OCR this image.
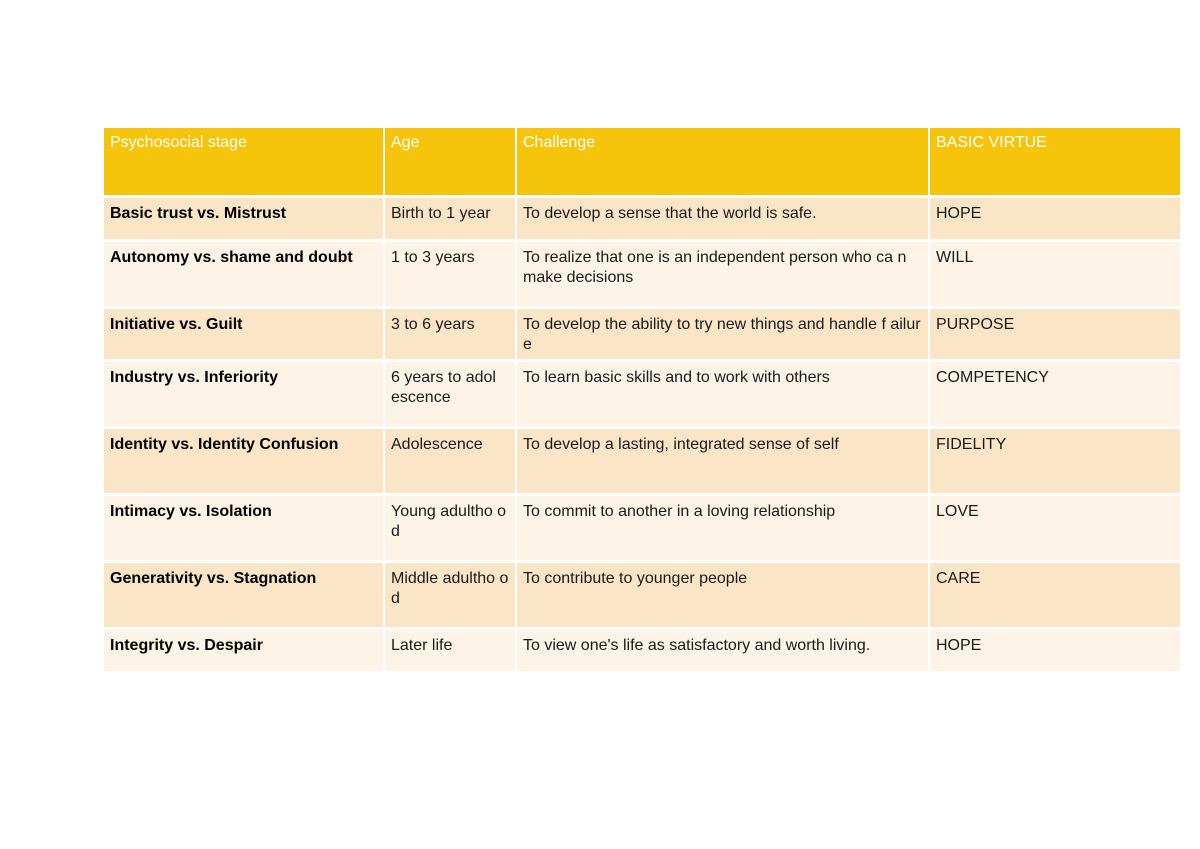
Psychosocial stage	Age	Challenge	BASIC VIRTUE
Basic trust vs. Mistrust	Birth to 1 year	To develop a sense that the world is safe.	HOPE
Autonomy vs. shame and doubt	1 to 3 years	To realize that one is an independent person who ca n make decisions	WILL
Initiative vs. Guilt	3 to 6 years	To develop the ability to try new things and handle f ailure	PURPOSE
Industry vs. Inferiority	6 years to adol escence	To learn basic skills and to work with others	COMPETENCY
Identity vs. Identity Confusion	Adolescence	To develop a lasting, integrated sense of self	FIDELITY
Intimacy vs. Isolation	Young adultho od	To commit to another in a loving relationship	LOVE
Generativity vs. Stagnation	Middle adultho od	To contribute to younger people	CARE
Integrity vs. Despair	Later life	To view one's life as satisfactory and worth living.	HOPE
